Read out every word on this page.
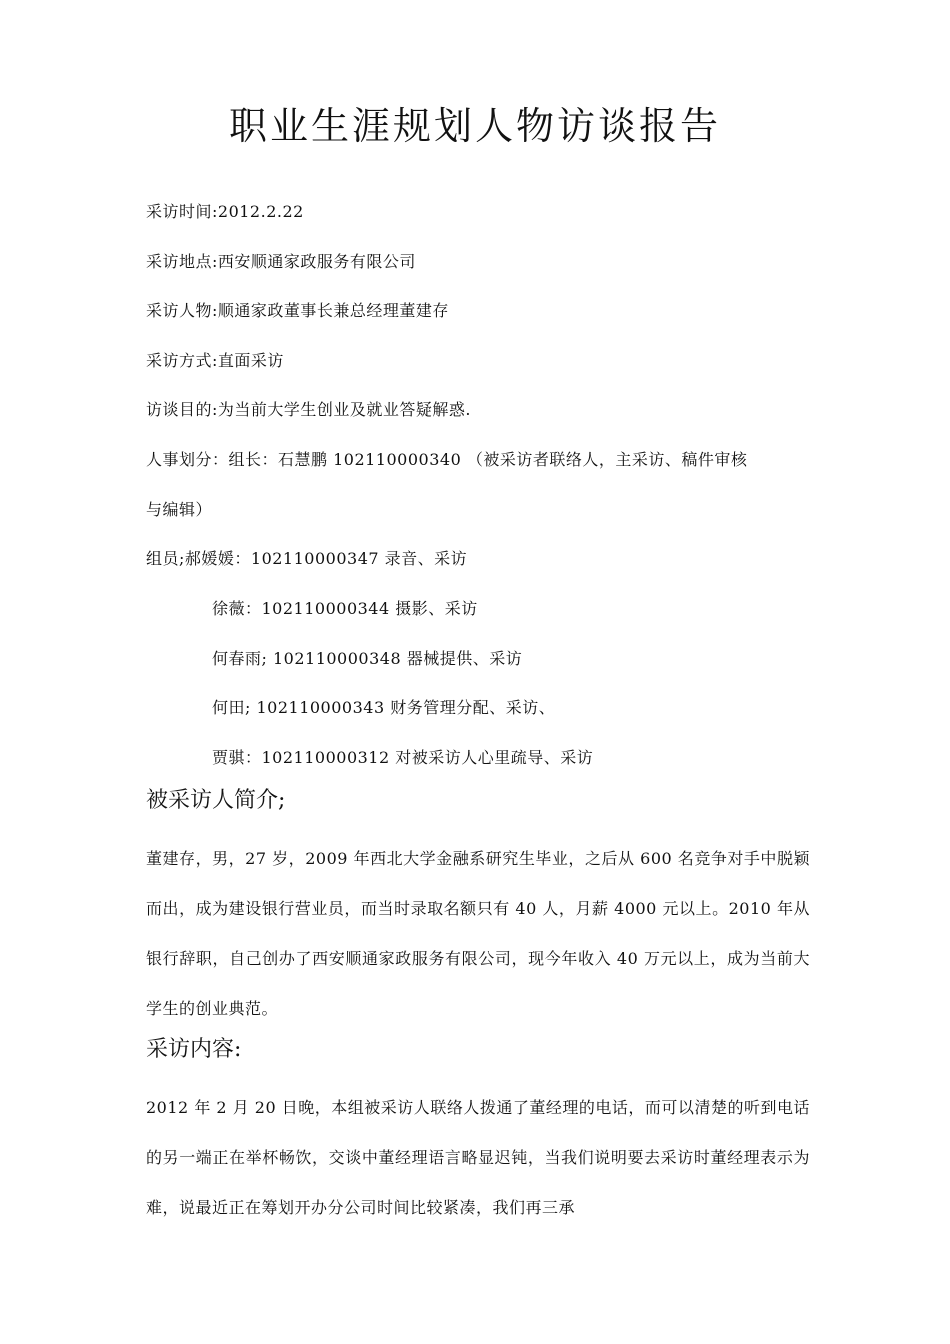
职业生涯规划人物访谈报告
采访时间:2012.2.22
采访地点:西安顺通家政服务有限公司
采访人物:顺通家政董事长兼总经理董建存
采访方式:直面采访
访谈目的:为当前大学生创业及就业答疑解惑.
人事划分：组长：石慧鹏 102110000340 （被采访者联络人，主采访、稿件审核
与编辑）
组员;郝媛媛：102110000347 录音、采访
徐薇：102110000344 摄影、采访
何春雨; 102110000348 器械提供、采访
何田; 102110000343 财务管理分配、采访、
贾骐：102110000312 对被采访人心里疏导、采访
被采访人简介;
董建存，男，27 岁，2009 年西北大学金融系研究生毕业，之后从 600 名竞争对手中脱颖而出，成为建设银行营业员，而当时录取名额只有 40 人，月薪 4000 元以上。2010 年从银行辞职，自己创办了西安顺通家政服务有限公司，现今年收入 40 万元以上，成为当前大学生的创业典范。
采访内容:
2012 年 2 月 20 日晚，本组被采访人联络人拨通了董经理的电话，而可以清楚的听到电话的另一端正在举杯畅饮，交谈中董经理语言略显迟钝，当我们说明要去采访时董经理表示为难，说最近正在筹划开办分公司时间比较紧凑，我们再三承
